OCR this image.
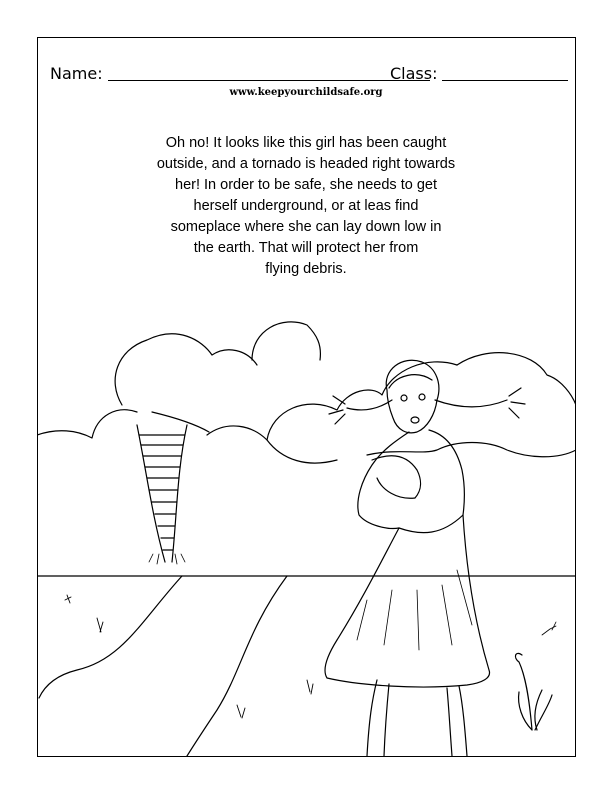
Name:	Class:
www.keepyourchildsafe.org
Oh no! It looks like this girl has been caught
outside, and a tornado is headed right towards
her! In order to be safe, she needs to get
herself underground, or at leas find
someplace where she can lay down low in
the earth. That will protect her from
flying debris.
